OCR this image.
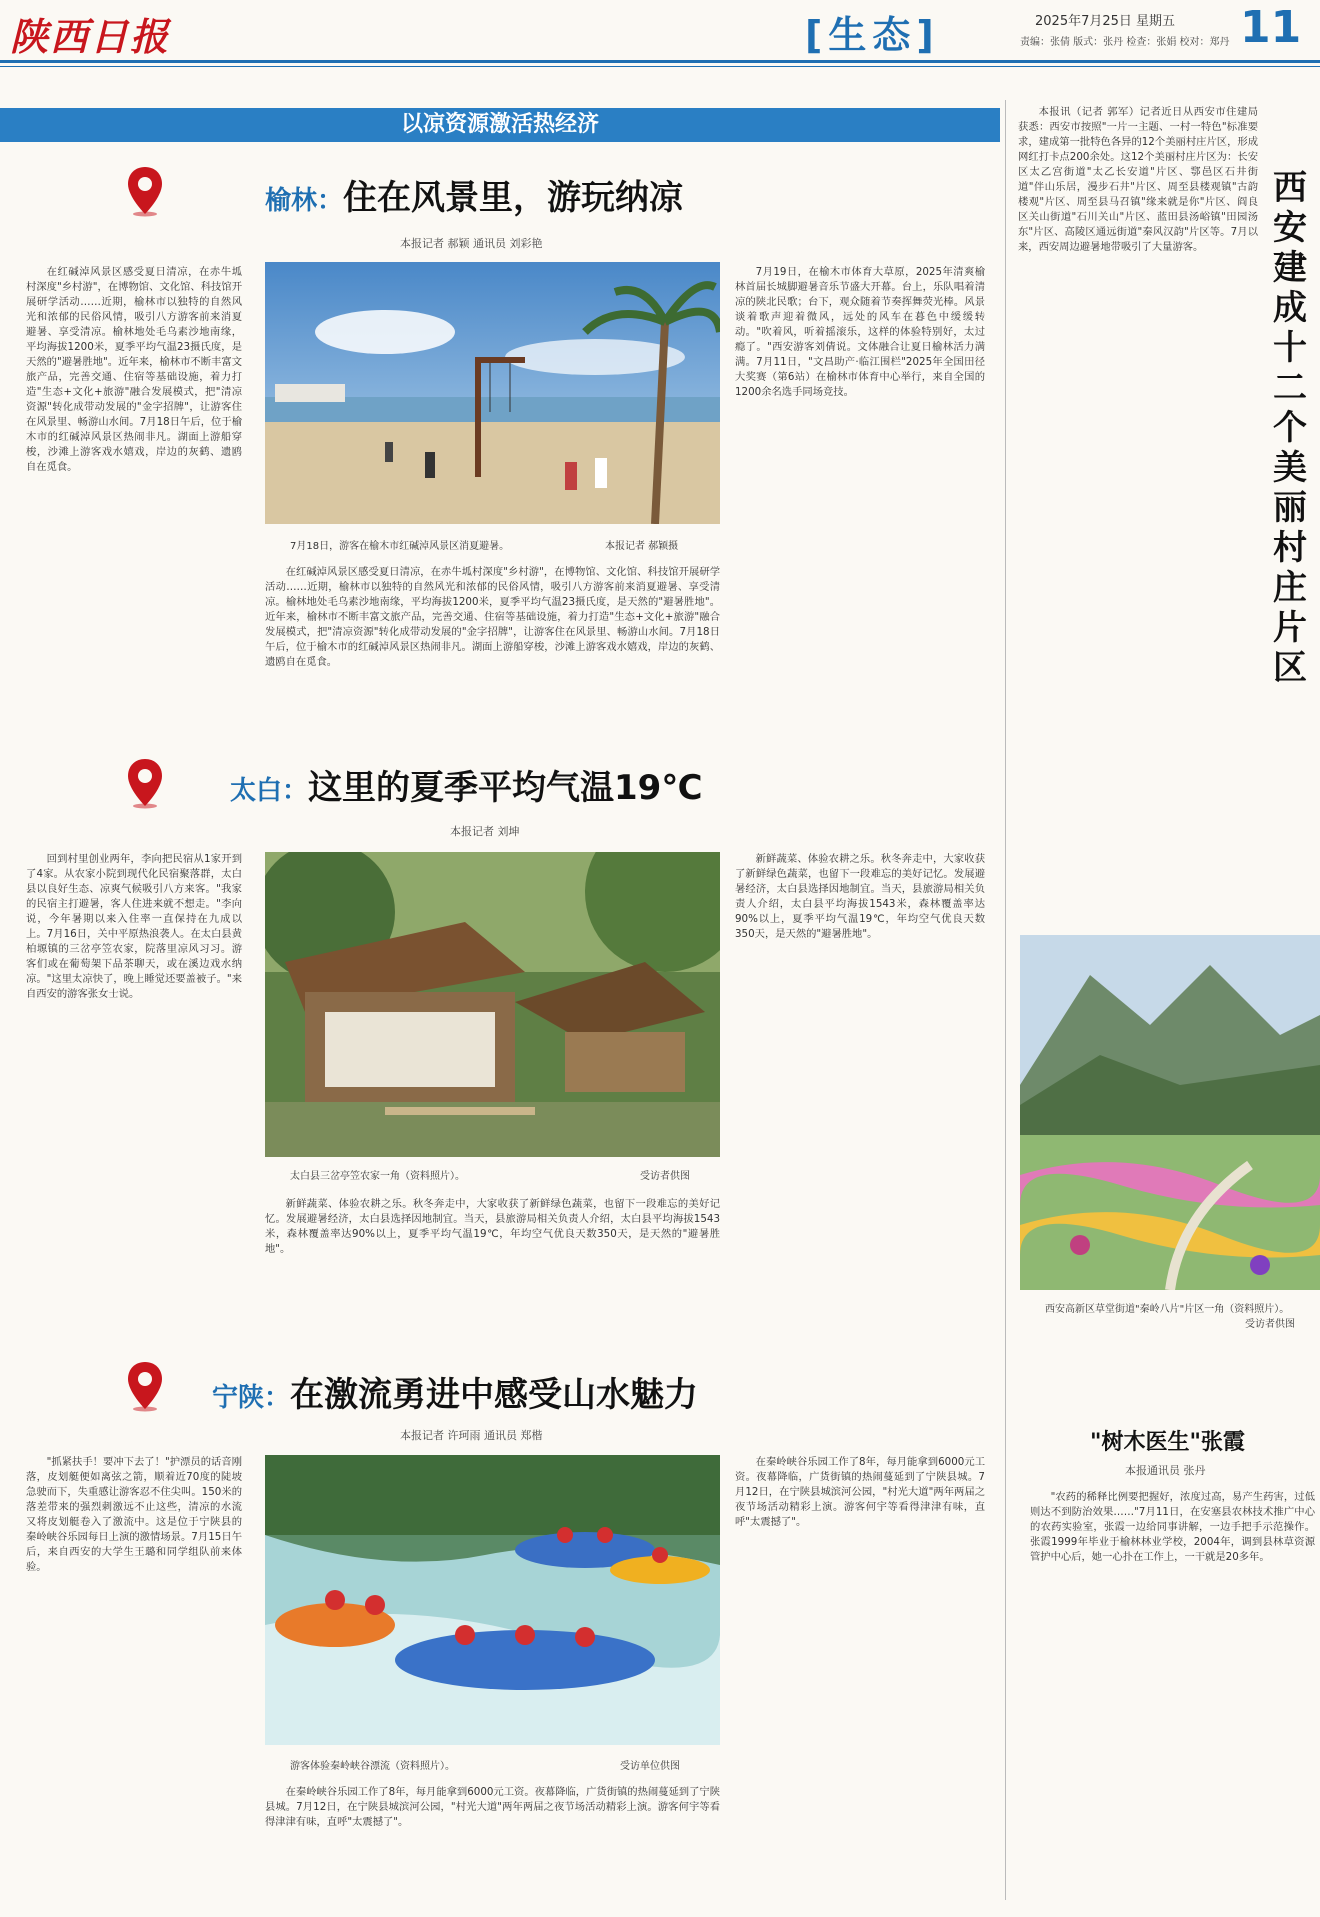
陕西日报	[生态]	2025年7月25日 星期五
责编：张倩 版式：张丹 检查：张娟 校对：郑丹 11
以凉资源激活热经济
榆林：住在风景里，游玩纳凉
本报记者 郝颖 通讯员 刘彩艳

在红碱淖风景区感受夏日清凉，在赤牛坬村深度"乡村游"，在博物馆、文化馆、科技馆开展研学活动……近期，榆林市以独特的自然风光和浓郁的民俗风情，吸引八方游客前来消夏避暑、享受清凉。榆林地处毛乌素沙地南缘，平均海拔1200米，夏季平均气温23摄氏度，是天然的"避暑胜地"。近年来，榆林市不断丰富文旅产品，完善交通、住宿等基础设施，着力打造"生态+文化+旅游"融合发展模式，把"清凉资源"转化成带动发展的"金字招牌"，让游客住在风景里、畅游山水间。7月18日午后，位于榆木市的红碱淖风景区热闹非凡。湖面上游船穿梭，沙滩上游客戏水嬉戏，岸边的灰鹤、遗鸥自在觅食。

7月18日，游客在榆木市红碱淖风景区消夏避暑。	本报记者 郝颖摄

在红碱淖风景区感受夏日清凉，在赤牛坬村深度"乡村游"，在博物馆、文化馆、科技馆开展研学活动……近期，榆林市以独特的自然风光和浓郁的民俗风情，吸引八方游客前来消夏避暑、享受清凉。榆林地处毛乌素沙地南缘，平均海拔1200米，夏季平均气温23摄氏度，是天然的"避暑胜地"。近年来，榆林市不断丰富文旅产品，完善交通、住宿等基础设施，着力打造"生态+文化+旅游"融合发展模式，把"清凉资源"转化成带动发展的"金字招牌"，让游客住在风景里、畅游山水间。7月18日午后，位于榆木市的红碱淖风景区热闹非凡。湖面上游船穿梭，沙滩上游客戏水嬉戏，岸边的灰鹤、遗鸥自在觅食。

7月19日，在榆木市体育大草原，2025年清爽榆林首届长城脚避暑音乐节盛大开幕。台上，乐队唱着清凉的陕北民歌；台下，观众随着节奏挥舞荧光棒。风景谈着歌声迎着微风，远处的风车在暮色中缓缓转动。"吹着风，听着摇滚乐，这样的体验特别好，太过瘾了。"西安游客刘倩说。文体融合让夏日榆林活力满满。7月11日，"文昌助产·临江围栏"2025年全国田径大奖赛（第6站）在榆林市体育中心举行，来自全国的1200余名选手同场竞技。

太白：这里的夏季平均气温19℃
本报记者 刘坤

回到村里创业两年，李向把民宿从1家开到了4家。从农家小院到现代化民宿聚落群，太白县以良好生态、凉爽气候吸引八方来客。"我家的民宿主打避暑，客人住进来就不想走。"李向说，今年暑期以来入住率一直保持在九成以上。7月16日，关中平原热浪袭人。在太白县黄柏塬镇的三岔亭笠农家，院落里凉风习习。游客们或在葡萄架下品茶聊天，或在溪边戏水纳凉。"这里太凉快了，晚上睡觉还要盖被子。"来自西安的游客张女士说。

太白县三岔亭笠农家一角（资料照片）。	受访者供图

新鲜蔬菜、体验农耕之乐。秋冬奔走中，大家收获了新鲜绿色蔬菜，也留下一段难忘的美好记忆。发展避暑经济，太白县选择因地制宜。当天，县旅游局相关负责人介绍，太白县平均海拔1543米，森林覆盖率达90%以上，夏季平均气温19℃，年均空气优良天数350天，是天然的"避暑胜地"。

新鲜蔬菜、体验农耕之乐。秋冬奔走中，大家收获了新鲜绿色蔬菜，也留下一段难忘的美好记忆。发展避暑经济，太白县选择因地制宜。当天，县旅游局相关负责人介绍，太白县平均海拔1543米，森林覆盖率达90%以上，夏季平均气温19℃，年均空气优良天数350天，是天然的"避暑胜地"。

宁陕：在激流勇进中感受山水魅力
本报记者 许珂雨 通讯员 郑楷

"抓紧扶手！要冲下去了！"护漂员的话音刚落，皮划艇便如离弦之箭，顺着近70度的陡坡急驶而下，失重感让游客忍不住尖叫。150米的落差带来的强烈刺激远不止这些，清凉的水流又将皮划艇卷入了激流中。这是位于宁陕县的秦岭峡谷乐园每日上演的激情场景。7月15日午后，来自西安的大学生王璐和同学组队前来体验。

游客体验秦岭峡谷漂流（资料照片）。	受访单位供图

在秦岭峡谷乐园工作了8年，每月能拿到6000元工资。夜幕降临，广货街镇的热闹蔓延到了宁陕县城。7月12日，在宁陕县城滨河公园，"村光大道"两年两届之夜节场活动精彩上演。游客何宇等看得津津有味，直呼"太震撼了"。

在秦岭峡谷乐园工作了8年，每月能拿到6000元工资。夜幕降临，广货街镇的热闹蔓延到了宁陕县城。7月12日，在宁陕县城滨河公园，"村光大道"两年两届之夜节场活动精彩上演。游客何宇等看得津津有味，直呼"太震撼了"。

西安建成十二个美丽村庄片区

本报讯（记者 郭军）记者近日从西安市住建局获悉：西安市按照"一片一主题、一村一特色"标准要求，建成第一批特色各异的12个美丽村庄片区，形成网红打卡点200余处。这12个美丽村庄片区为：长安区太乙宫街道"太乙长安道"片区、鄠邑区石井街道"伴山乐居，漫步石井"片区、周至县楼观镇"古韵楼观"片区、周至县马召镇"缘来就是你"片区、阎良区关山街道"石川关山"片区、蓝田县汤峪镇"田园汤东"片区、高陵区通远街道"秦风汉韵"片区等。7月以来，西安周边避暑地带吸引了大量游客。

西安高新区草堂街道"秦岭八片"片区一角（资料照片）。
受访者供图
"树木医生"张霞
本报通讯员 张丹

"农药的稀释比例要把握好，浓度过高，易产生药害，过低则达不到防治效果……"7月11日，在安塞县农林技术推广中心的农药实验室，张霞一边给同事讲解，一边手把手示范操作。张霞1999年毕业于榆林林业学校，2004年，调到县林草资源管护中心后，她一心扑在工作上，一干就是20多年。
